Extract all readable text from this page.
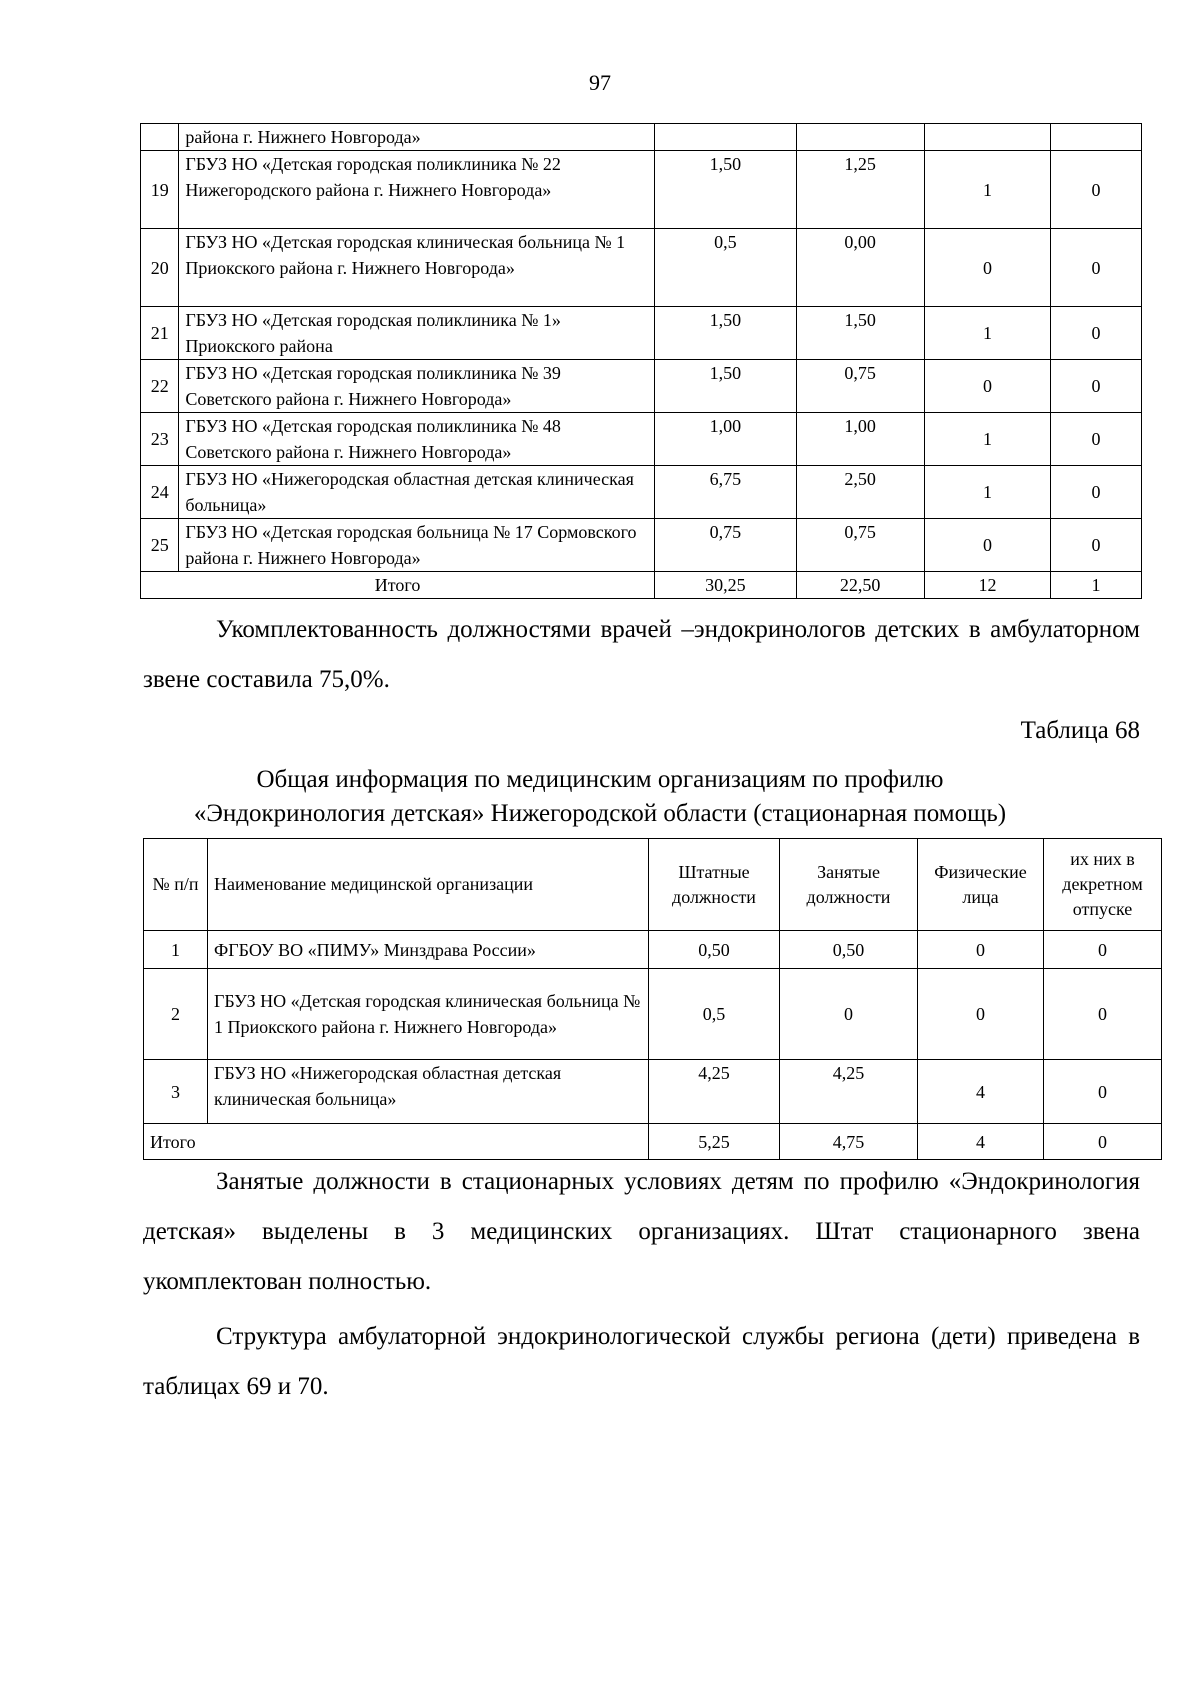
97
	района г. Нижнего Новгорода»				
19	ГБУЗ НО «Детская городская поликлиника № 22 Нижегородского района г. Нижнего Новгорода»	1,50	1,25	1	0
20	ГБУЗ НО «Детская городская клиническая больница № 1 Приокского района г. Нижнего Новгорода»	0,5	0,00	0	0
21	ГБУЗ НО «Детская городская поликлиника № 1» Приокского района	1,50	1,50	1	0
22	ГБУЗ НО «Детская городская поликлиника № 39 Советского района г. Нижнего Новгорода»	1,50	0,75	0	0
23	ГБУЗ НО «Детская городская поликлиника № 48 Советского района г. Нижнего Новгорода»	1,00	1,00	1	0
24	ГБУЗ НО «Нижегородская областная детская клиническая больница»	6,75	2,50	1	0
25	ГБУЗ НО «Детская городская больница № 17 Сормовского района г. Нижнего Новгорода»	0,75	0,75	0	0
Итого		30,25	22,50	12	1
Укомплектованность должностями врачей –эндокринологов детских в амбулаторном звене составила 75,0%.
Таблица 68
Общая информация по медицинским организациям по профилю
«Эндокринология детская» Нижегородской области (стационарная помощь)
№ п/п	Наименование медицинской организации	Штатные должности	Занятые должности	Физические лица	их них в декретном отпуске
1	ФГБОУ ВО «ПИМУ» Минздрава России»	0,50	0,50	0	0
2	ГБУЗ НО «Детская городская клиническая больница № 1 Приокского района г. Нижнего Новгорода»	0,5	0	0	0
3	ГБУЗ НО «Нижегородская областная детская клиническая больница»	4,25	4,25	4	0
Итого		5,25	4,75	4	0
Занятые должности в стационарных условиях детям по профилю «Эндокринология детская» выделены в 3 медицинских организациях. Штат стационарного звена укомплектован полностью.
Структура амбулаторной эндокринологической службы региона (дети) приведена в таблицах 69 и 70.
